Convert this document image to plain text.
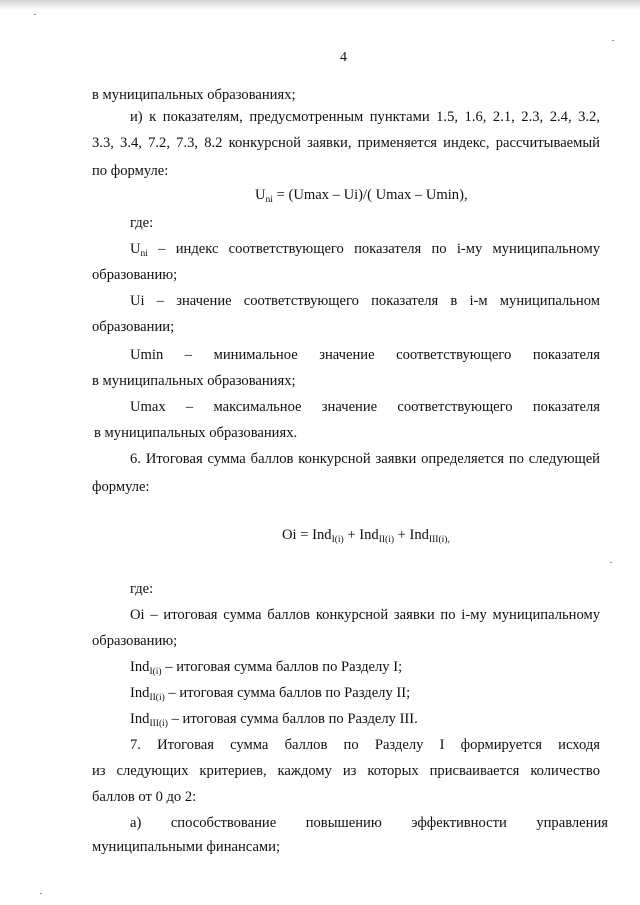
4
в муниципальных образованиях;
и) к показателям, предусмотренным пунктами 1.5, 1.6, 2.1, 2.3, 2.4, 3.2,
3.3, 3.4, 7.2, 7.3, 8.2 конкурсной заявки, применяется индекс, рассчитываемый
по формуле:
$U_{ni} = (Umax - Ui)/$( Umax – Umin),
где:
$U_{ni}$ – индекс соответствующего показателя по i-му муниципальному
образованию;
Ui – значение соответствующего показателя в i-м муниципальном
образовании;
Umin – минимальное значение соответствующего показателя
в муниципальных образованиях;
Umax – максимальное значение соответствующего показателя
в муниципальных образованиях.
6. Итоговая сумма баллов конкурсной заявки определяется по следующей
формуле:
Oi = Ind$_{I(i)}$ + Ind$_{II(i)}$ + Ind$_{III(i),}$
где:
Oi – итоговая сумма баллов конкурсной заявки по i-му муниципальному
образованию;
Ind$_{I(i)}$ – итоговая сумма баллов по Разделу I;
Ind$_{II(i)}$ – итоговая сумма баллов по Разделу II;
Ind$_{III(i)}$ – итоговая сумма баллов по Разделу III.
7. Итоговая сумма баллов по Разделу I формируется исходя
из следующих критериев, каждому из которых присваивается количество
баллов от 0 до 2:
а) способствование повышению эффективности управления
муниципальными финансами;
